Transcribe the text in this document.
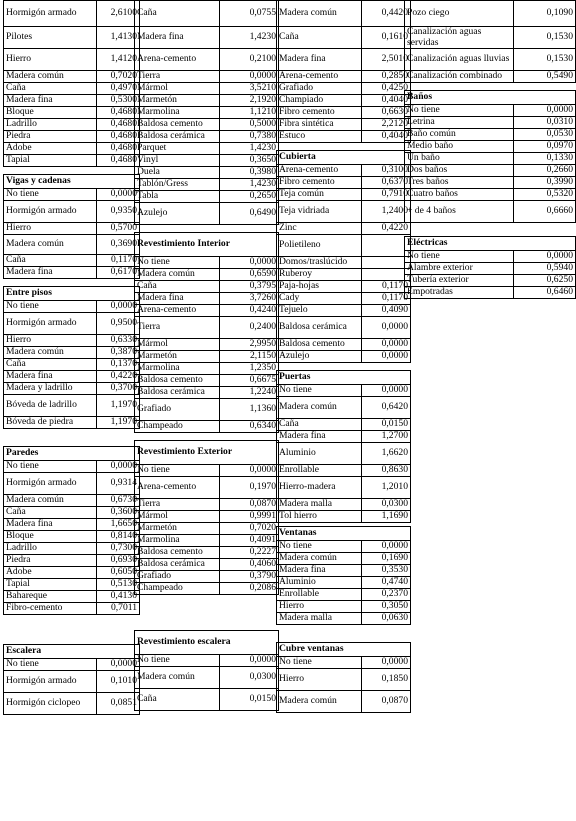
Hormigón armado	2,6100
Pilotes	1,4130
Hierro	1,4120
Madera común	0,7020
Caña	0,4970
Madera fina	0,5300
Bloque	0,4680
Ladrillo	0,4680
Piedra	0,4680
Adobe	0,4680
Tapial	0,4680

Vigas y cadenas	
No tiene	0,0000
Hormigón armado	0,9350
Hierro	0,5700
Madera común	0,3690
Caña	0,1170
Madera fina	0,6170

Entre pisos	
No tiene	0,0000
Hormigón armado	0,9500
Hierro	0,6330
Madera común	0,3870
Caña	0,1370
Madera fina	0,4220
Madera y ladrillo	0,3700
Bóveda de ladrillo	1,1970
Bóveda de piedra	1,1970

Paredes	
No tiene	0,0000
Hormigón armado	0,9314
Madera común	0,6730
Caña	0,3600
Madera fina	1,6650
Bloque	0,8140
Ladrillo	0,7300
Piedra	0,6930
Adobe	0,6050
Tapial	0,5130
Bahareque	0,4130
Fibro-cemento	0,7011

Escalera	
No tiene	0,0000
Hormigón armado	0,1010
Hormigón ciclopeo	0,0851
Caña	0,0755
Madera fina	1,4230
Arena-cemento	0,2100
Tierra	0,0000
Mármol	3,5210
Marmetón	2,1920
Marmolina	1,1210
Baldosa cemento	0,5000
Baldosa cerámica	0,7380
Parquet	1,4230
Vinyl	0,3650
Duela	0,3980
Tablón/Gress	1,4230
Tabla	0,2650
Azulejo	0,6490

Revestimiento Interior	
No tiene	0,0000
Madera común	0,6590
Caña	0,3795
Madera fina	3,7260
Arena-cemento	0,4240
Tierra	0,2400
Mármol	2,9950
Marmetón	2,1150
Marmolina	1,2350
Baldosa cemento	0,6675
Baldosa cerámica	1,2240
Grafiado	1,1360
Champeado	0,6340

Revestimiento Exterior	
No tiene	0,0000
Arena-cemento	0,1970
Tierra	0,0870
Mármol	0,9991
Marmetón	0,7020
Marmolina	0,4091
Baldosa cemento	0,2227
Baldosa cerámica	0,4060
Grafiado	0,3790
Champeado	0,2086

Revestimiento escalera	
No tiene	0,0000
Madera común	0,0300
Caña	0,0150
Madera común	0,4420
Caña	0,1610
Madera fina	2,5010
Arena-cemento	0,2850
Grafiado	0,4250
Champiado	0,4040
Fibro cemento	0,6630
Fibra sintética	2,2120
Estuco	0,4040

Cubierta	
Arena-cemento	0,3100
Fibro cemento	0,6370
Teja común	0,7910
Teja vidriada	1,2400
Zinc	0,4220
Polietileno	
Domos/traslúcido	
Ruberoy	
Paja-hojas	0,1170
Cady	0,1170
Tejuelo	0,4090
Baldosa cerámica	0,0000
Baldosa cemento	0,0000
Azulejo	0,0000

Puertas	
No tiene	0,0000
Madera común	0,6420
Caña	0,0150
Madera fina	1,2700
Aluminio	1,6620
Enrollable	0,8630
Hierro-madera	1,2010
Madera malla	0,0300
Tol hierro	1,1690

Ventanas	
No tiene	0,0000
Madera común	0,1690
Madera fina	0,3530
Aluminio	0,4740
Enrollable	0,2370
Hierro	0,3050
Madera malla	0,0630

Cubre ventanas	
No tiene	0,0000
Hierro	0,1850
Madera común	0,0870
Pozo ciego	0,1090
Canalización aguas servidas	0,1530
Canalización aguas lluvias	0,1530
Canalización combinado	0,5490

Baños	
No tiene	0,0000
Letrina	0,0310
Baño común	0,0530
Medio baño	0,0970
Un baño	0,1330
Dos baños	0,2660
Tres baños	0,3990
Cuatro baños	0,5320
+ de 4 baños	0,6660

Eléctricas	
No tiene	0,0000
Alambre exterior	0,5940
Tubería exterior	0,6250
Empotradas	0,6460
